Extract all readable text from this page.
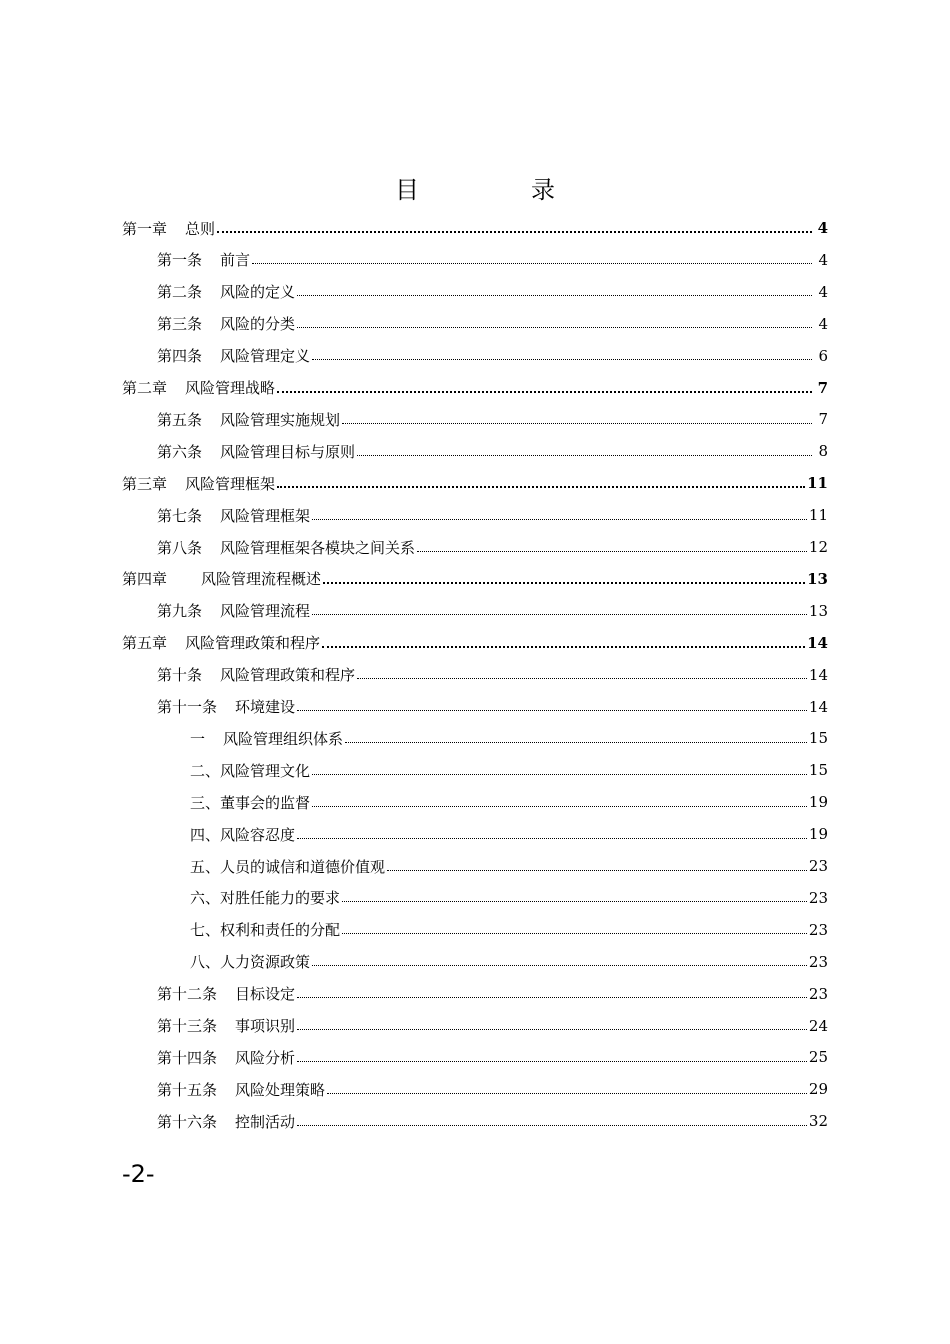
目　录
第一章 总则	4
第一条 前言	4
第二条 风险的定义	4
第三条 风险的分类	4
第四条 风险管理定义	6
第二章 风险管理战略	7
第五条 风险管理实施规划	7
第六条 风险管理目标与原则	8
第三章 风险管理框架	11
第七条 风险管理框架	11
第八条 风险管理框架各模块之间关系	12
第四章 风险管理流程概述	13
第九条 风险管理流程	13
第五章 风险管理政策和程序	14
第十条 风险管理政策和程序	14
第十一条 环境建设	14
一 风险管理组织体系	15
二、风险管理文化	15
三、董事会的监督	19
四、风险容忍度	19
五、人员的诚信和道德价值观	23
六、对胜任能力的要求	23
七、权利和责任的分配	23
八、人力资源政策	23
第十二条 目标设定	23
第十三条 事项识别	24
第十四条 风险分析	25
第十五条 风险处理策略	29
第十六条 控制活动	32
-2-
